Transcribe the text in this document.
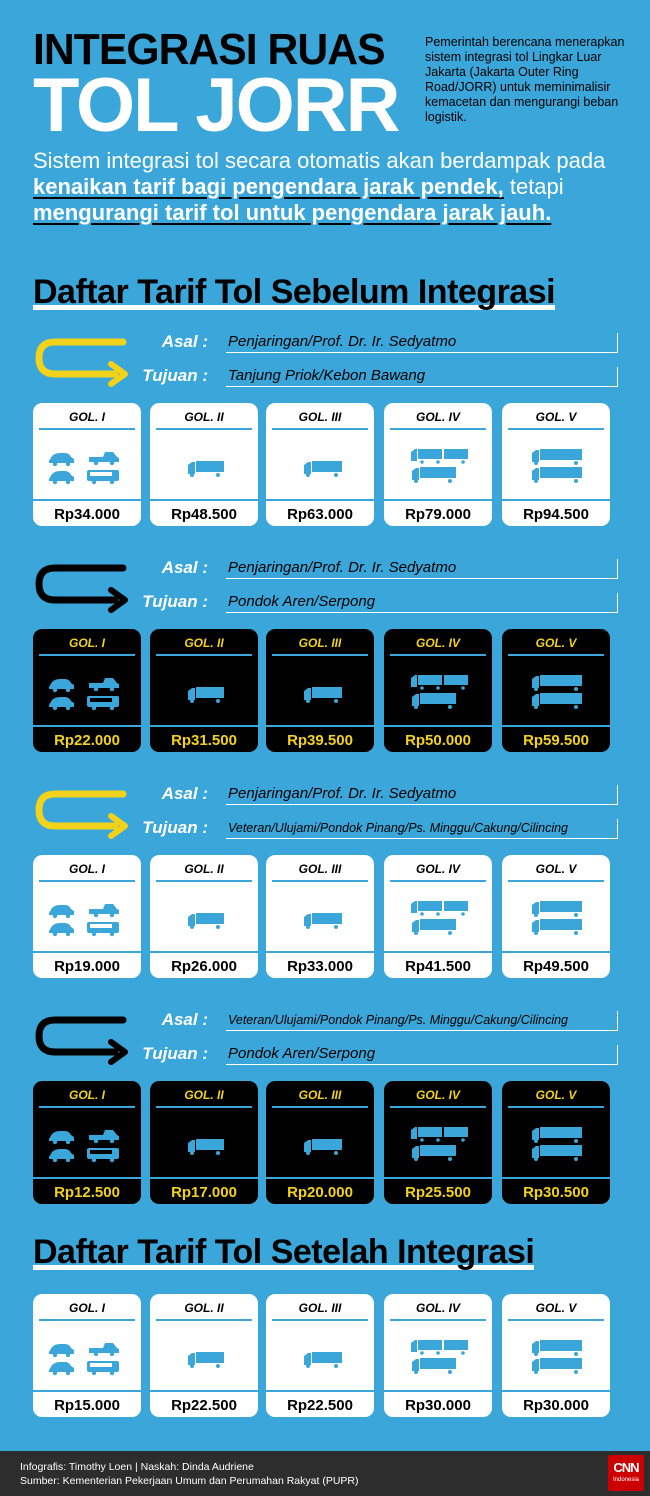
INTEGRASI RUAS
TOL JORR
Pemerintah berencana menerapkan sistem integrasi tol Lingkar Luar Jakarta (Jakarta Outer Ring Road/JORR) untuk meminimalisir kemacetan dan mengurangi beban logistik.
Sistem integrasi tol secara otomatis akan berdampak pada kenaikan tarif bagi pengendara jarak pendek, tetapi mengurangi tarif tol untuk pengendara jarak jauh.
Daftar Tarif Tol Sebelum Integrasi
Asal :
Tujuan :
Penjaringan/Prof. Dr. Ir. Sedyatmo
Tanjung Priok/Kebon Bawang
GOL. I
Rp34.000
GOL. II
Rp48.500
GOL. III
Rp63.000
GOL. IV
Rp79.000
GOL. V
Rp94.500
Asal :
Tujuan :
Penjaringan/Prof. Dr. Ir. Sedyatmo
Pondok Aren/Serpong
GOL. I
Rp22.000
GOL. II
Rp31.500
GOL. III
Rp39.500
GOL. IV
Rp50.000
GOL. V
Rp59.500
Asal :
Tujuan :
Penjaringan/Prof. Dr. Ir. Sedyatmo
Veteran/Ulujami/Pondok Pinang/Ps. Minggu/Cakung/Cilincing
GOL. I
Rp19.000
GOL. II
Rp26.000
GOL. III
Rp33.000
GOL. IV
Rp41.500
GOL. V
Rp49.500
Asal :
Tujuan :
Veteran/Ulujami/Pondok Pinang/Ps. Minggu/Cakung/Cilincing
Pondok Aren/Serpong
GOL. I
Rp12.500
GOL. II
Rp17.000
GOL. III
Rp20.000
GOL. IV
Rp25.500
GOL. V
Rp30.500
Daftar Tarif Tol Setelah Integrasi
GOL. I
Rp15.000
GOL. II
Rp22.500
GOL. III
Rp22.500
GOL. IV
Rp30.000
GOL. V
Rp30.000
Infografis: Timothy Loen | Naskah: Dinda Audriene
Sumber: Kementerian Pekerjaan Umum dan Perumahan Rakyat (PUPR)
CNN
Indonesia
